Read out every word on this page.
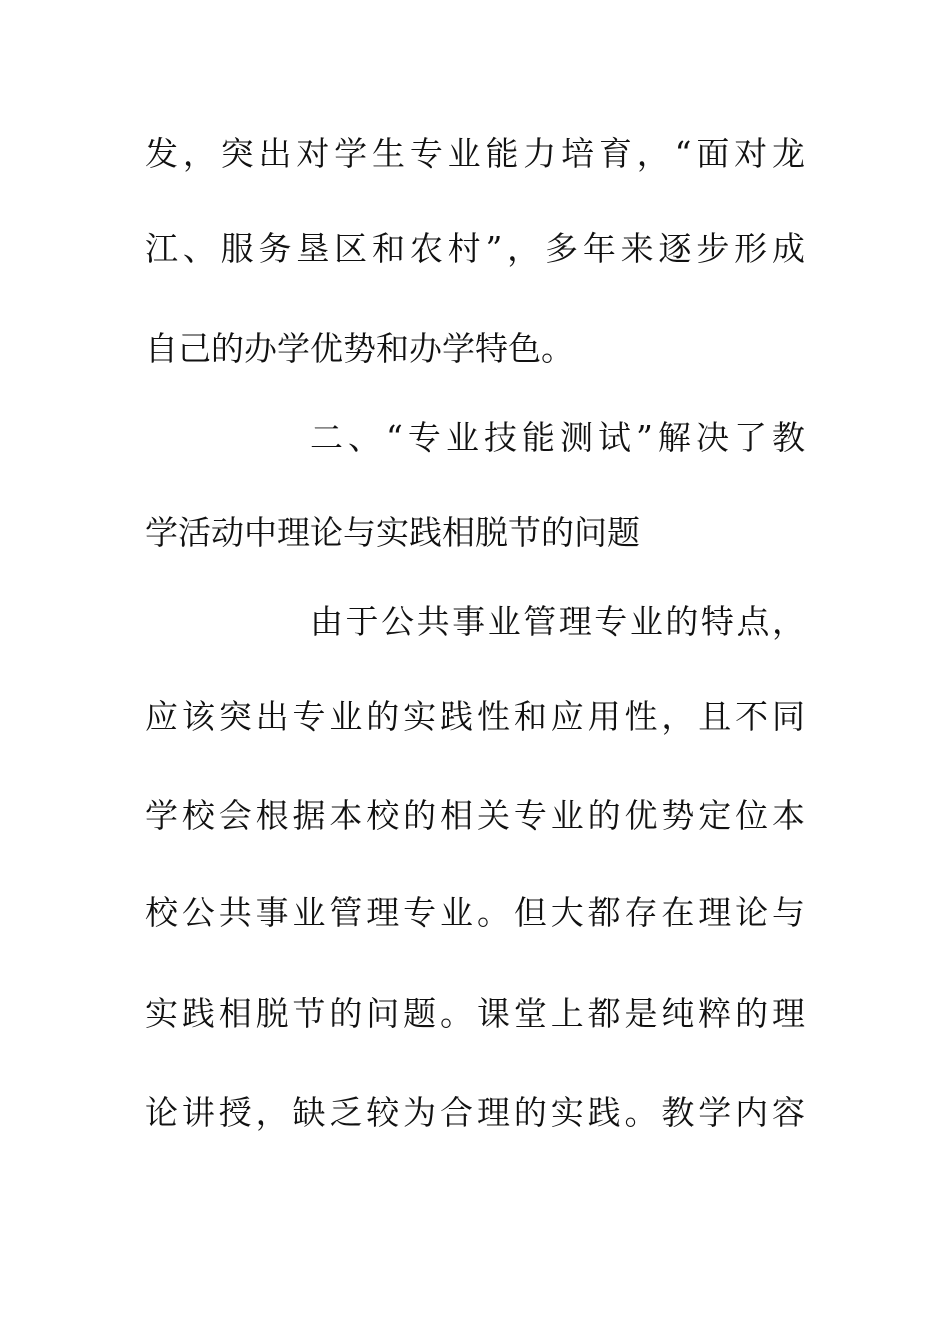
发，突出对学生专业能力培育，“面对龙
江、服务垦区和农村”，多年来逐步形成
自己的办学优势和办学特色。
二、“专业技能测试”解决了教
学活动中理论与实践相脱节的问题
由于公共事业管理专业的特点，
应该突出专业的实践性和应用性，且不同
学校会根据本校的相关专业的优势定位本
校公共事业管理专业。但大都存在理论与
实践相脱节的问题。课堂上都是纯粹的理
论讲授，缺乏较为合理的实践。教学内容
